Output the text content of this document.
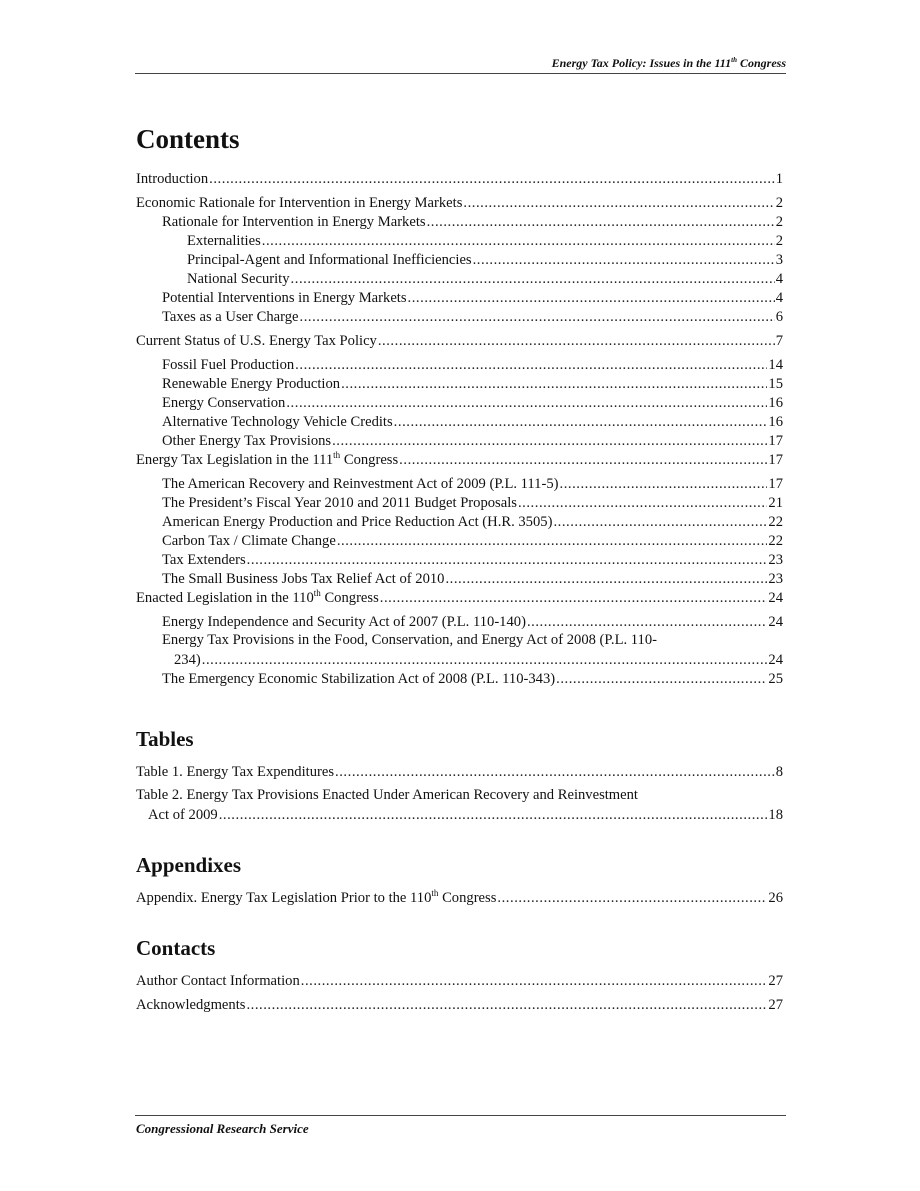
Energy Tax Policy: Issues in the 111th Congress
Contents
Introduction . . .	1
Economic Rationale for Intervention in Energy Markets . . .	2
Rationale for Intervention in Energy Markets . . .	2
Externalities . . .	2
Principal-Agent and Informational Inefficiencies . . .	3
National Security . . .	4
Potential Interventions in Energy Markets . . .	4
Taxes as a User Charge . . .	6
Current Status of U.S. Energy Tax Policy . . .	7
Fossil Fuel Production . . .	14
Renewable Energy Production . . .	15
Energy Conservation . . .	16
Alternative Technology Vehicle Credits . . .	16
Other Energy Tax Provisions . . .	17
Energy Tax Legislation in the 111th Congress . . .	17
The American Recovery and Reinvestment Act of 2009 (P.L. 111-5) . . .	17
The President’s Fiscal Year 2010 and 2011 Budget Proposals . . .	21
American Energy Production and Price Reduction Act (H.R. 3505) . . .	22
Carbon Tax / Climate Change . . .	22
Tax Extenders . . .	23
The Small Business Jobs Tax Relief Act of 2010 . . .	23
Enacted Legislation in the 110th Congress . . .	24
Energy Independence and Security Act of 2007 (P.L. 110-140) . . .	24
Energy Tax Provisions in the Food, Conservation, and Energy Act of 2008 (P.L. 110-
234) . . .	24
The Emergency Economic Stabilization Act of 2008 (P.L. 110-343) . . .	25
Tables
Table 1. Energy Tax Expenditures . . .	8
Table 2. Energy Tax Provisions Enacted Under American Recovery and Reinvestment
Act of 2009 . . .	18
Appendixes
Appendix. Energy Tax Legislation Prior to the 110th Congress . . .	26
Contacts
Author Contact Information . . .	27
Acknowledgments . . .	27
Congressional Research Service
